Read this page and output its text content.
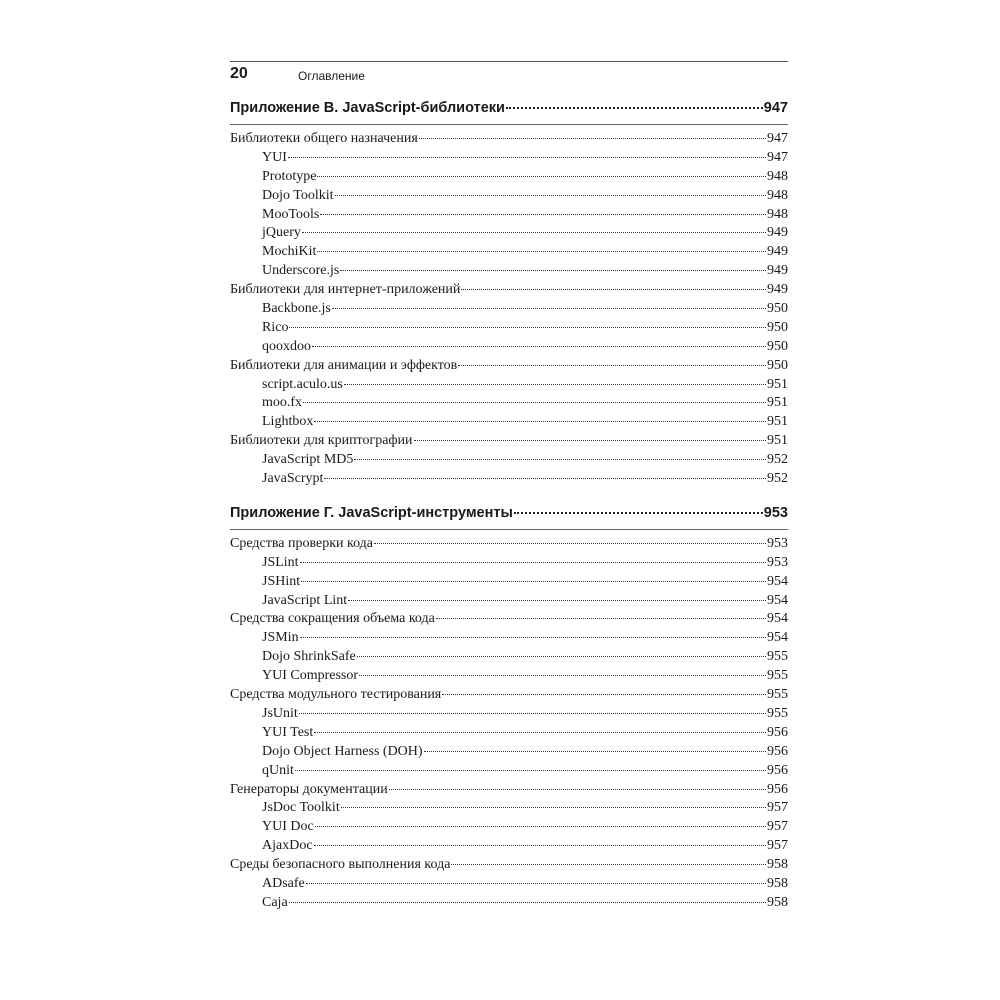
20	Оглавление
Приложение В. JavaScript-библиотеки	947
Библиотеки общего назначения	947
YUI	947
Prototype	948
Dojo Toolkit	948
MooTools	948
jQuery	949
MochiKit	949
Underscore.js	949
Библиотеки для интернет-приложений	949
Backbone.js	950
Rico	950
qooxdoo	950
Библиотеки для анимации и эффектов	950
script.aculo.us	951
moo.fx	951
Lightbox	951
Библиотеки для криптографии	951
JavaScript MD5	952
JavaScrypt	952
Приложение Г. JavaScript-инструменты	953
Средства проверки кода	953
JSLint	953
JSHint	954
JavaScript Lint	954
Средства сокращения объема кода	954
JSMin	954
Dojo ShrinkSafe	955
YUI Compressor	955
Средства модульного тестирования	955
JsUnit	955
YUI Test	956
Dojo Object Harness (DOH)	956
qUnit	956
Генераторы документации	956
JsDoc Toolkit	957
YUI Doc	957
AjaxDoc	957
Среды безопасного выполнения кода	958
ADsafe	958
Caja	958
